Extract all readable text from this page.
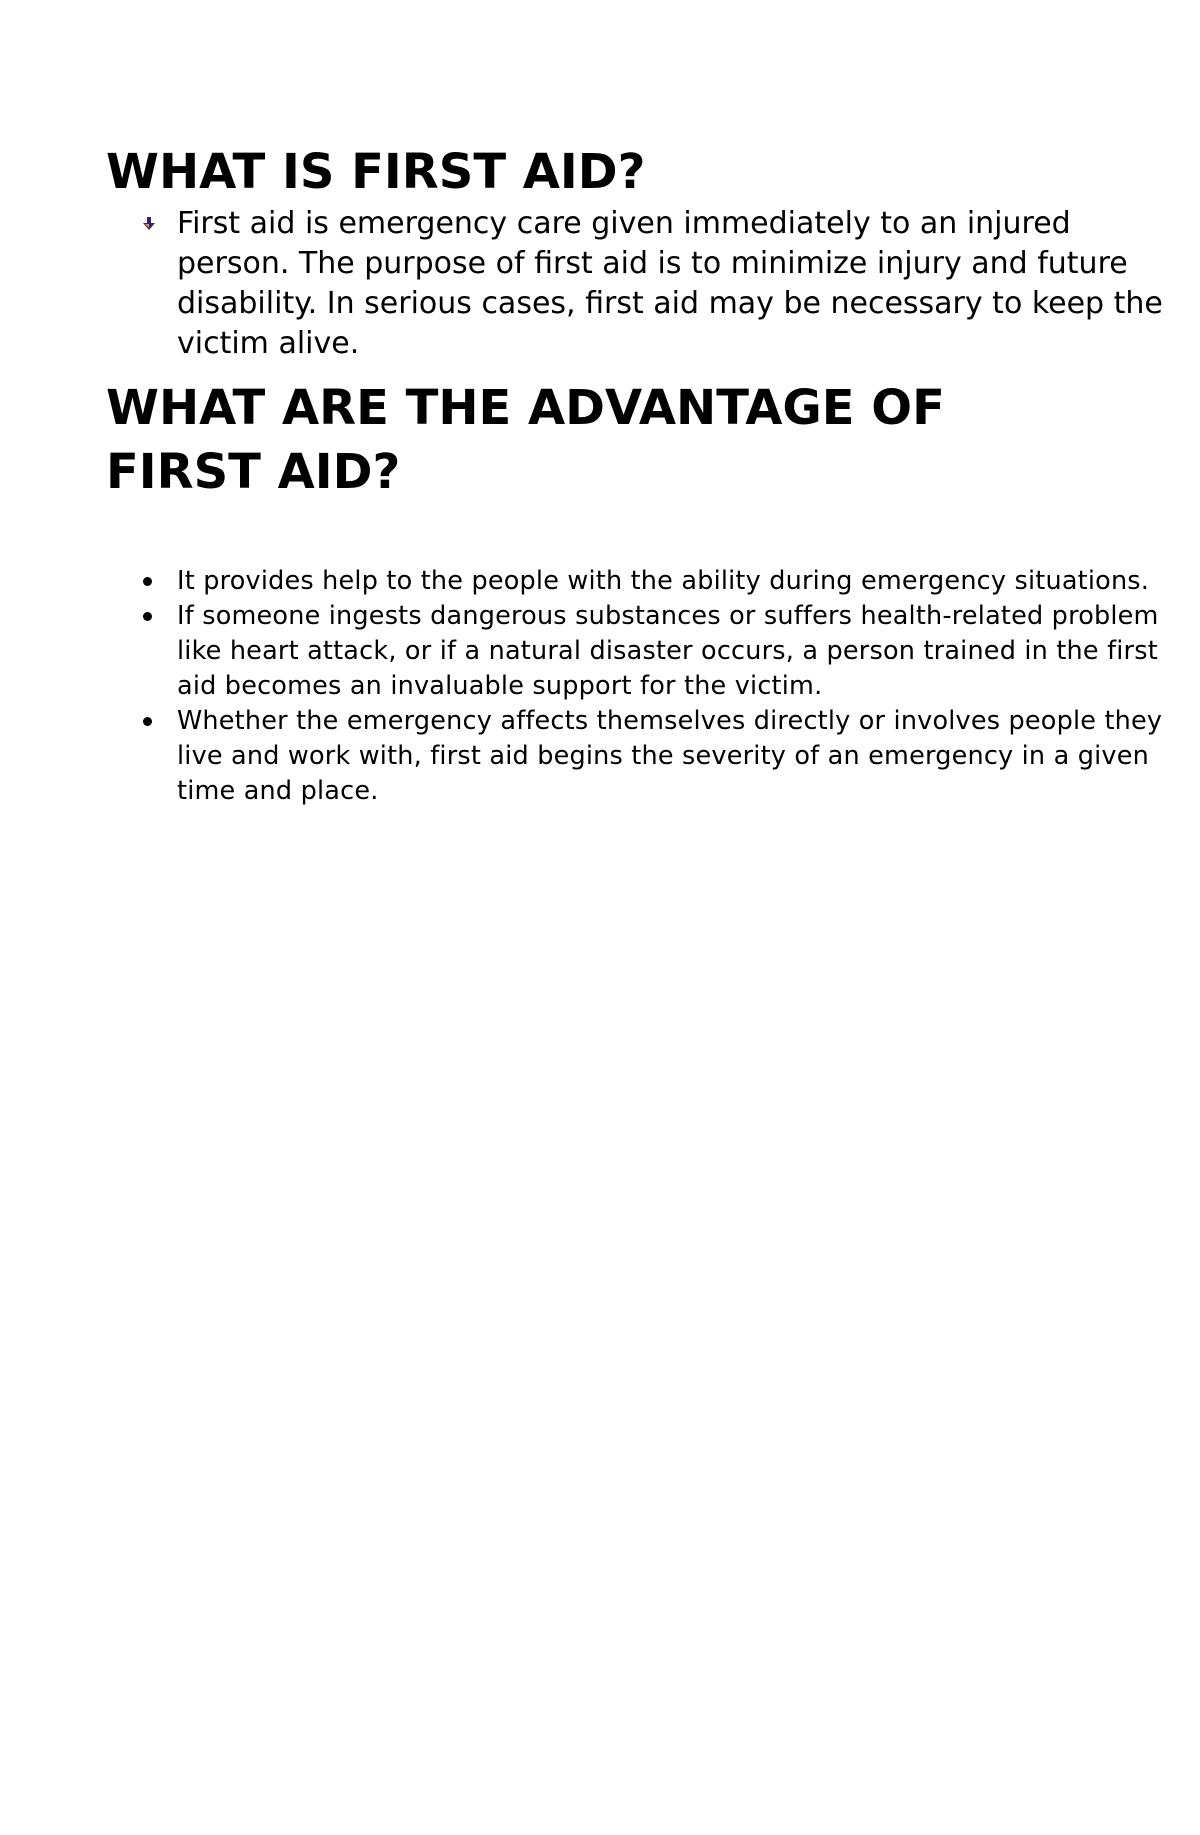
WHAT IS FIRST AID?
First aid is emergency care given immediately to an injured person. The purpose of first aid is to minimize injury and future disability. In serious cases, first aid may be necessary to keep the victim alive.
WHAT ARE THE ADVANTAGE OF FIRST AID?
It provides help to the people with the ability during emergency situations.
If someone ingests dangerous substances or suffers health-related problem like heart attack, or if a natural disaster occurs, a person trained in the first aid becomes an invaluable support for the victim.
Whether the emergency affects themselves directly or involves people they live and work with, first aid begins the severity of an emergency in a given time and place.
